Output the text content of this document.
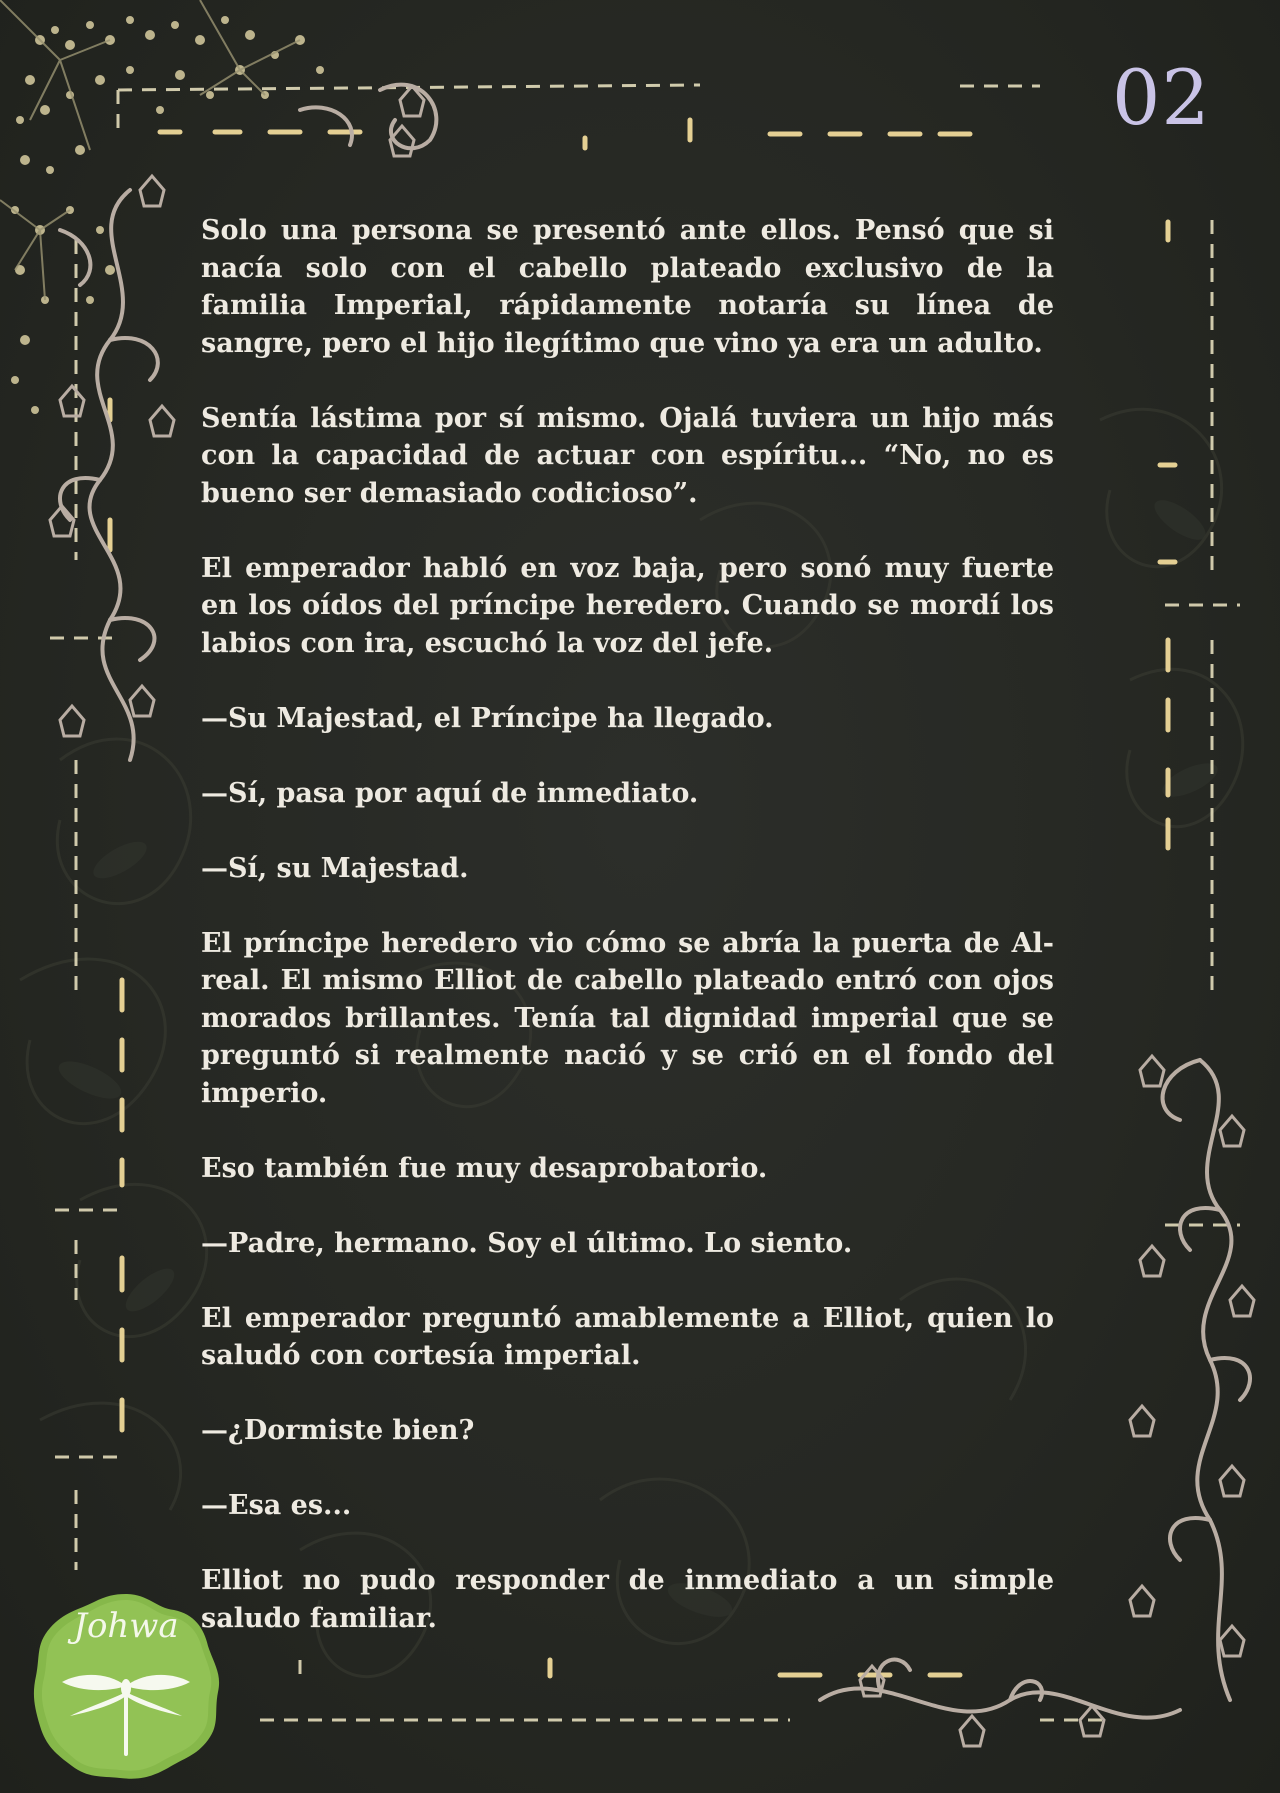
02

Solo una persona se presentó ante ellos. Pensó que si nacía solo con el cabello plateado exclusivo de la familia Imperial, rápidamente notaría su línea de sangre, pero el hijo ilegítimo que vino ya era un adulto.

Sentía lástima por sí mismo. Ojalá tuviera un hijo más con la capacidad de actuar con espíritu... “No, no es bueno ser demasiado codicioso”.

El emperador habló en voz baja, pero sonó muy fuerte en los oídos del príncipe heredero. Cuando se mordí los labios con ira, escuchó la voz del jefe.

—Su Majestad, el Príncipe ha llegado.

—Sí, pasa por aquí de inmediato.

—Sí, su Majestad.

El príncipe heredero vio cómo se abría la puerta de Al-real. El mismo Elliot de cabello plateado entró con ojos morados brillantes. Tenía tal dignidad imperial que se preguntó si realmente nació y se crió en el fondo del imperio.

Eso también fue muy desaprobatorio.

—Padre, hermano. Soy el último. Lo siento.

El emperador preguntó amablemente a Elliot, quien lo saludó con cortesía imperial.

—¿Dormiste bien?

—Esa es...

Elliot no pudo responder de inmediato a un simple saludo familiar.

Johwa
